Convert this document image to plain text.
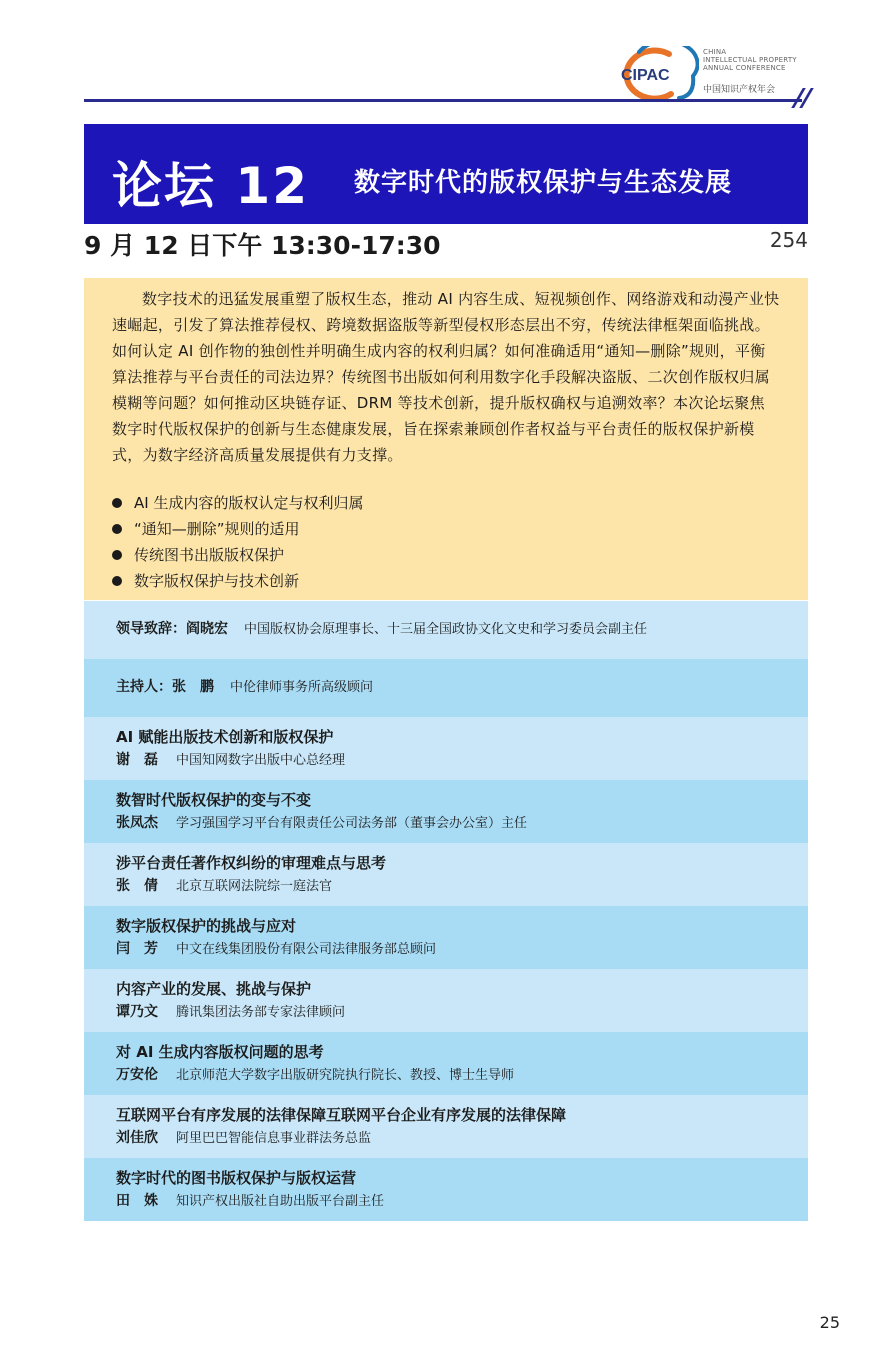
CIPAC
CHINA
INTELLECTUAL PROPERTY
ANNUAL CONFERENCE
中国知识产权年会
论坛 12 数字时代的版权保护与生态发展
9 月 12 日下午 13:30-17:30	254

数字技术的迅猛发展重塑了版权生态，推动 AI 内容生成、短视频创作、网络游戏和动漫产业快速崛起，引发了算法推荐侵权、跨境数据盗版等新型侵权形态层出不穷，传统法律框架面临挑战。如何认定 AI 创作物的独创性并明确生成内容的权利归属？如何准确适用“通知—删除”规则，平衡算法推荐与平台责任的司法边界？传统图书出版如何利用数字化手段解决盗版、二次创作版权归属模糊等问题？如何推动区块链存证、DRM 等技术创新，提升版权确权与追溯效率？本次论坛聚焦数字时代版权保护的创新与生态健康发展，旨在探索兼顾创作者权益与平台责任的版权保护新模式，为数字经济高质量发展提供有力支撑。

AI 生成内容的版权认定与权利归属
“通知—删除”规则的适用
传统图书出版版权保护
数字版权保护与技术创新
领导致辞： 阎晓宏 中国版权协会原理事长、十三届全国政协文化文史和学习委员会副主任
主持人： 张　鹏 中伦律师事务所高级顾问
AI 赋能出版技术创新和版权保护
谢　磊	中国知网数字出版中心总经理
数智时代版权保护的变与不变
张凤杰	学习强国学习平台有限责任公司法务部（董事会办公室）主任
涉平台责任著作权纠纷的审理难点与思考
张　倩	北京互联网法院综一庭法官
数字版权保护的挑战与应对
闫　芳	中文在线集团股份有限公司法律服务部总顾问
内容产业的发展、挑战与保护
谭乃文	腾讯集团法务部专家法律顾问
对 AI 生成内容版权问题的思考
万安伦	北京师范大学数字出版研究院执行院长、教授、博士生导师
互联网平台有序发展的法律保障互联网平台企业有序发展的法律保障
刘佳欣	阿里巴巴智能信息事业群法务总监
数字时代的图书版权保护与版权运营
田　姝	知识产权出版社自助出版平台副主任
25
